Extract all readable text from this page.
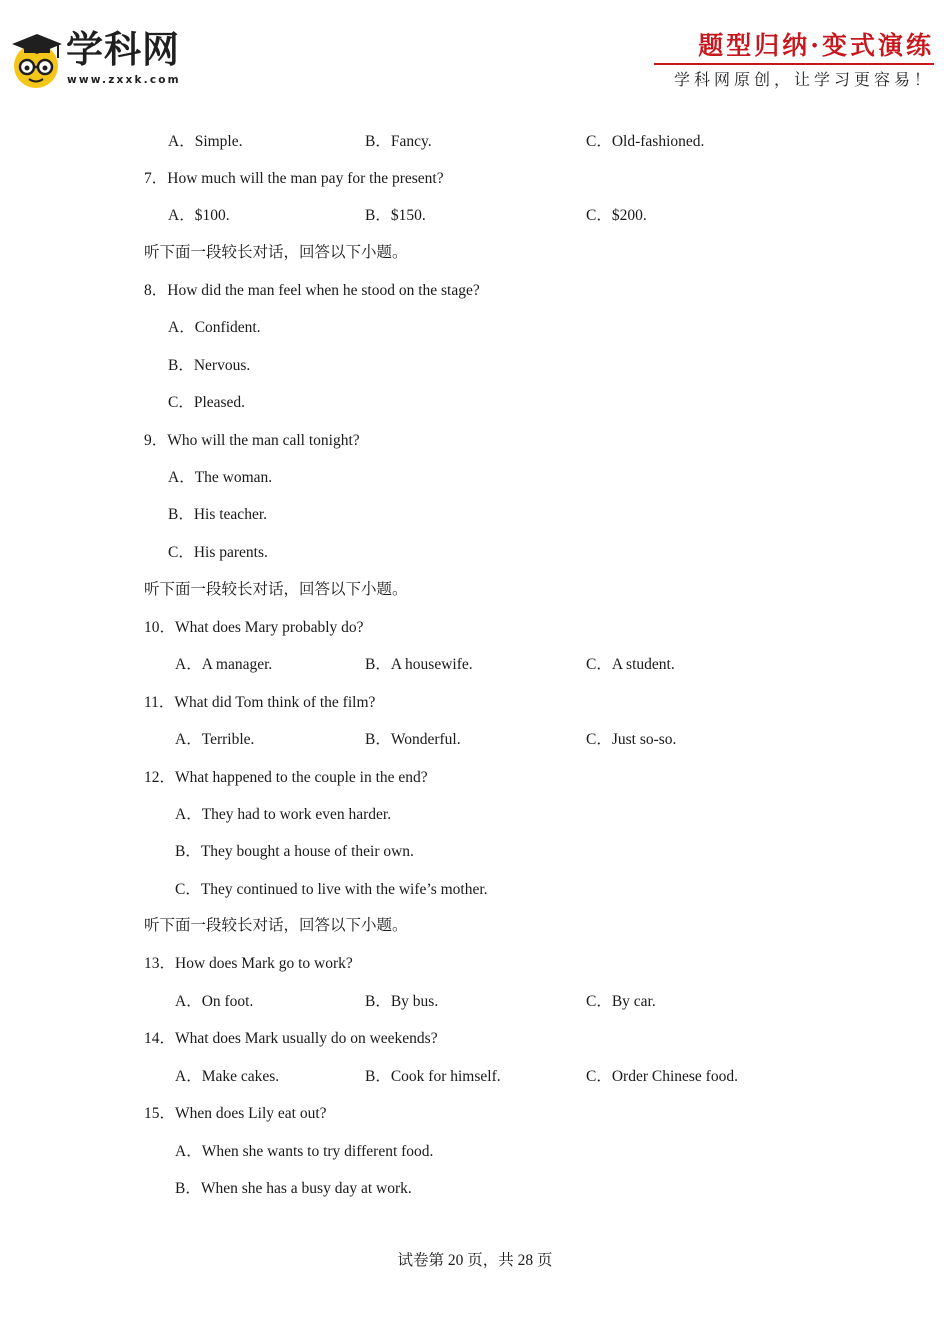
学科网
www.zxxk.com
题型归纳·变式演练
学科网原创，让学习更容易！
A．Simple.	B．Fancy.	C．Old-fashioned.
7．How much will the man pay for the present?
A．$100.	B．$150.	C．$200.
听下面一段较长对话，回答以下小题。
8．How did the man feel when he stood on the stage?
A．Confident.
B．Nervous.
C．Pleased.
9．Who will the man call tonight?
A．The woman.
B．His teacher.
C．His parents.
听下面一段较长对话，回答以下小题。
10．What does Mary probably do?
A．A manager.	B．A housewife.	C．A student.
11．What did Tom think of the film?
A．Terrible.	B．Wonderful.	C．Just so-so.
12．What happened to the couple in the end?
A．They had to work even harder.
B．They bought a house of their own.
C．They continued to live with the wife’s mother.
听下面一段较长对话，回答以下小题。
13．How does Mark go to work?
A．On foot.	B．By bus.	C．By car.
14．What does Mark usually do on weekends?
A．Make cakes.	B．Cook for himself.	C．Order Chinese food.
15．When does Lily eat out?
A．When she wants to try different food.
B．When she has a busy day at work.
试卷第 20 页，共 28 页
